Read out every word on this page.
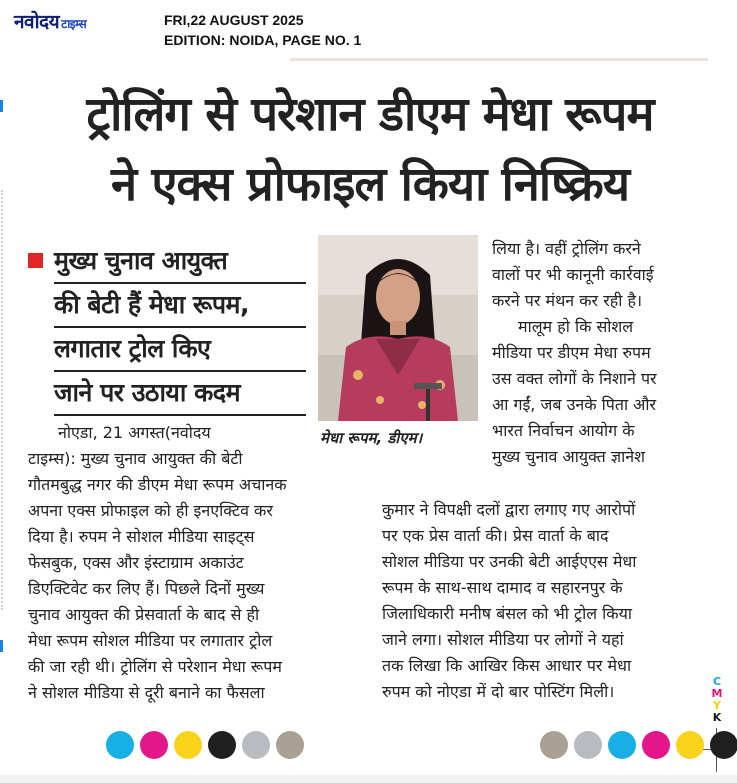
नवोदय टाइम्स	FRI,22 AUGUST 2025
EDITION: NOIDA, PAGE NO. 1
ट्रोलिंग से परेशान डीएम मेधा रूपम
ने एक्स प्रोफाइल किया निष्क्रिय
मुख्य चुनाव आयुक्त
की बेटी हैं मेधा रूपम,
लगातार ट्रोल किए
जाने पर उठाया कदम
मेधा रूपम, डीएम।
लिया है। वहीं ट्रोलिंग करने
वालों पर भी कानूनी कार्रवाई
करने पर मंथन कर रही है।
मालूम हो कि सोशल
मीडिया पर डीएम मेधा रुपम
उस वक्त लोगों के निशाने पर
आ गईं, जब उनके पिता और
भारत निर्वाचन आयोग के
मुख्य चुनाव आयुक्त ज्ञानेश
नोएडा, 21 अगस्त(नवोदय
टाइम्स): मुख्य चुनाव आयुक्त की बेटी
गौतमबुद्ध नगर की डीएम मेधा रूपम अचानक
अपना एक्स प्रोफाइल को ही इनएक्टिव कर
दिया है। रुपम ने सोशल मीडिया साइट्स
फेसबुक, एक्स और इंस्टाग्राम अकाउंट
डिएक्टिवेट कर लिए हैं। पिछले दिनों मुख्य
चुनाव आयुक्त की प्रेसवार्ता के बाद से ही
मेधा रूपम सोशल मीडिया पर लगातार ट्रोल
की जा रही थी। ट्रोलिंग से परेशान मेधा रूपम
ने सोशल मीडिया से दूरी बनाने का फैसला
कुमार ने विपक्षी दलों द्वारा लगाए गए आरोपों
पर एक प्रेस वार्ता की। प्रेस वार्ता के बाद
सोशल मीडिया पर उनकी बेटी आईएएस मेधा
रूपम के साथ-साथ दामाद व सहारनपुर के
जिलाधिकारी मनीष बंसल को भी ट्रोल किया
जाने लगा। सोशल मीडिया पर लोगों ने यहां
तक लिखा कि आखिर किस आधार पर मेधा
रुपम को नोएडा में दो बार पोस्टिंग मिली।
C
M
Y
K
